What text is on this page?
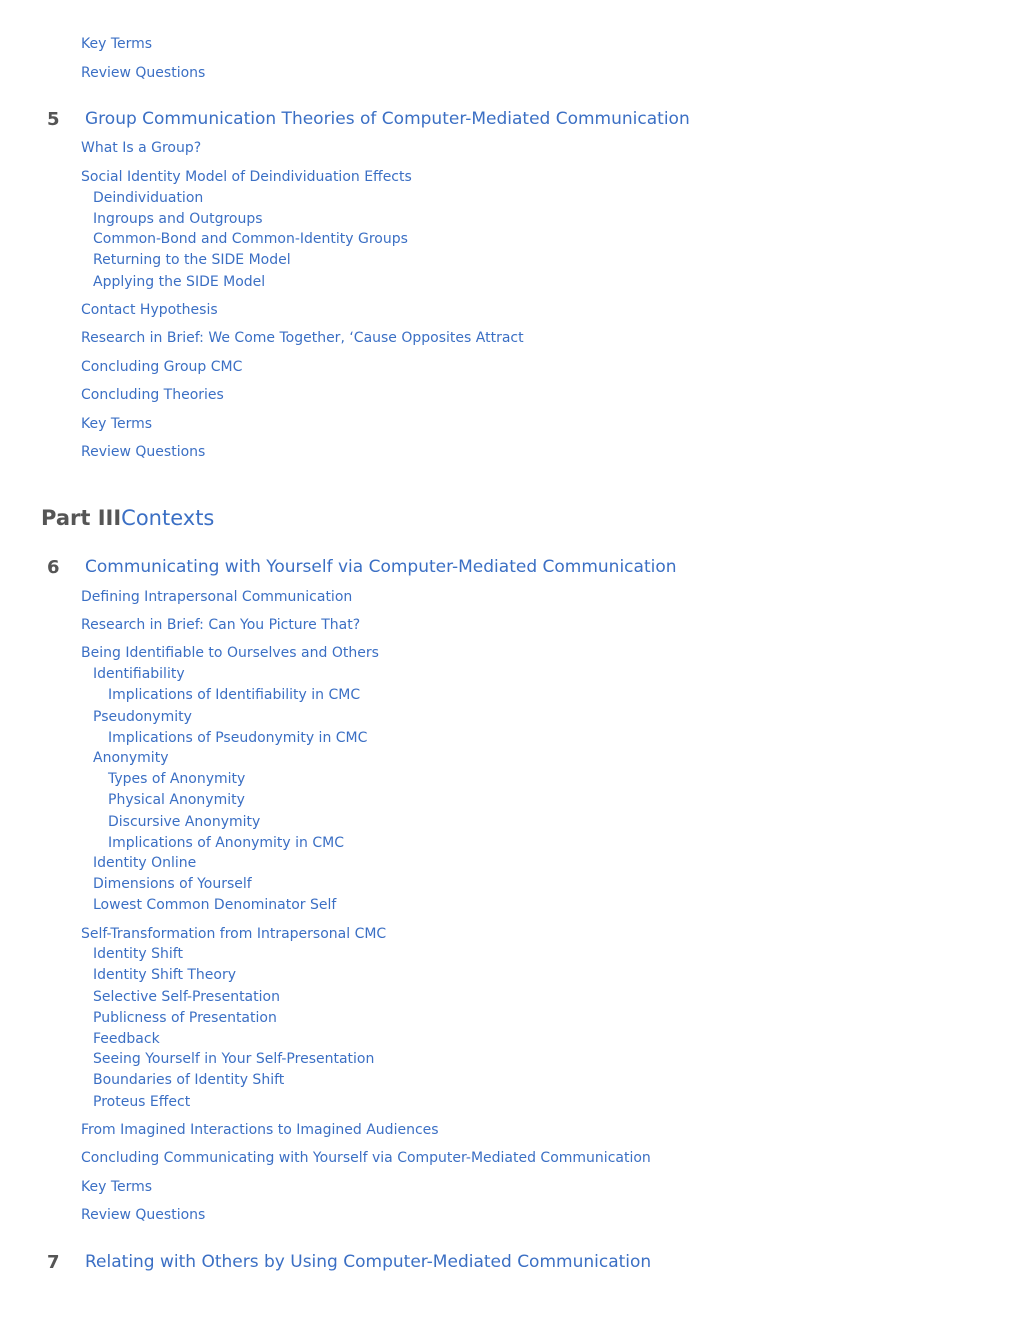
Key Terms
Review Questions
5 Group Communication Theories of Computer-Mediated Communication
What Is a Group?
Social Identity Model of Deindividuation Effects
Deindividuation
Ingroups and Outgroups
Common-Bond and Common-Identity Groups
Returning to the SIDE Model
Applying the SIDE Model
Contact Hypothesis
Research in Brief: We Come Together, ‘Cause Opposites Attract
Concluding Group CMC
Concluding Theories
Key Terms
Review Questions
Part IIIContexts
6 Communicating with Yourself via Computer-Mediated Communication
Defining Intrapersonal Communication
Research in Brief: Can You Picture That?
Being Identifiable to Ourselves and Others
Identifiability
Implications of Identifiability in CMC
Pseudonymity
Implications of Pseudonymity in CMC
Anonymity
Types of Anonymity
Physical Anonymity
Discursive Anonymity
Implications of Anonymity in CMC
Identity Online
Dimensions of Yourself
Lowest Common Denominator Self
Self-Transformation from Intrapersonal CMC
Identity Shift
Identity Shift Theory
Selective Self-Presentation
Publicness of Presentation
Feedback
Seeing Yourself in Your Self-Presentation
Boundaries of Identity Shift
Proteus Effect
From Imagined Interactions to Imagined Audiences
Concluding Communicating with Yourself via Computer-Mediated Communication
Key Terms
Review Questions
7 Relating with Others by Using Computer-Mediated Communication
